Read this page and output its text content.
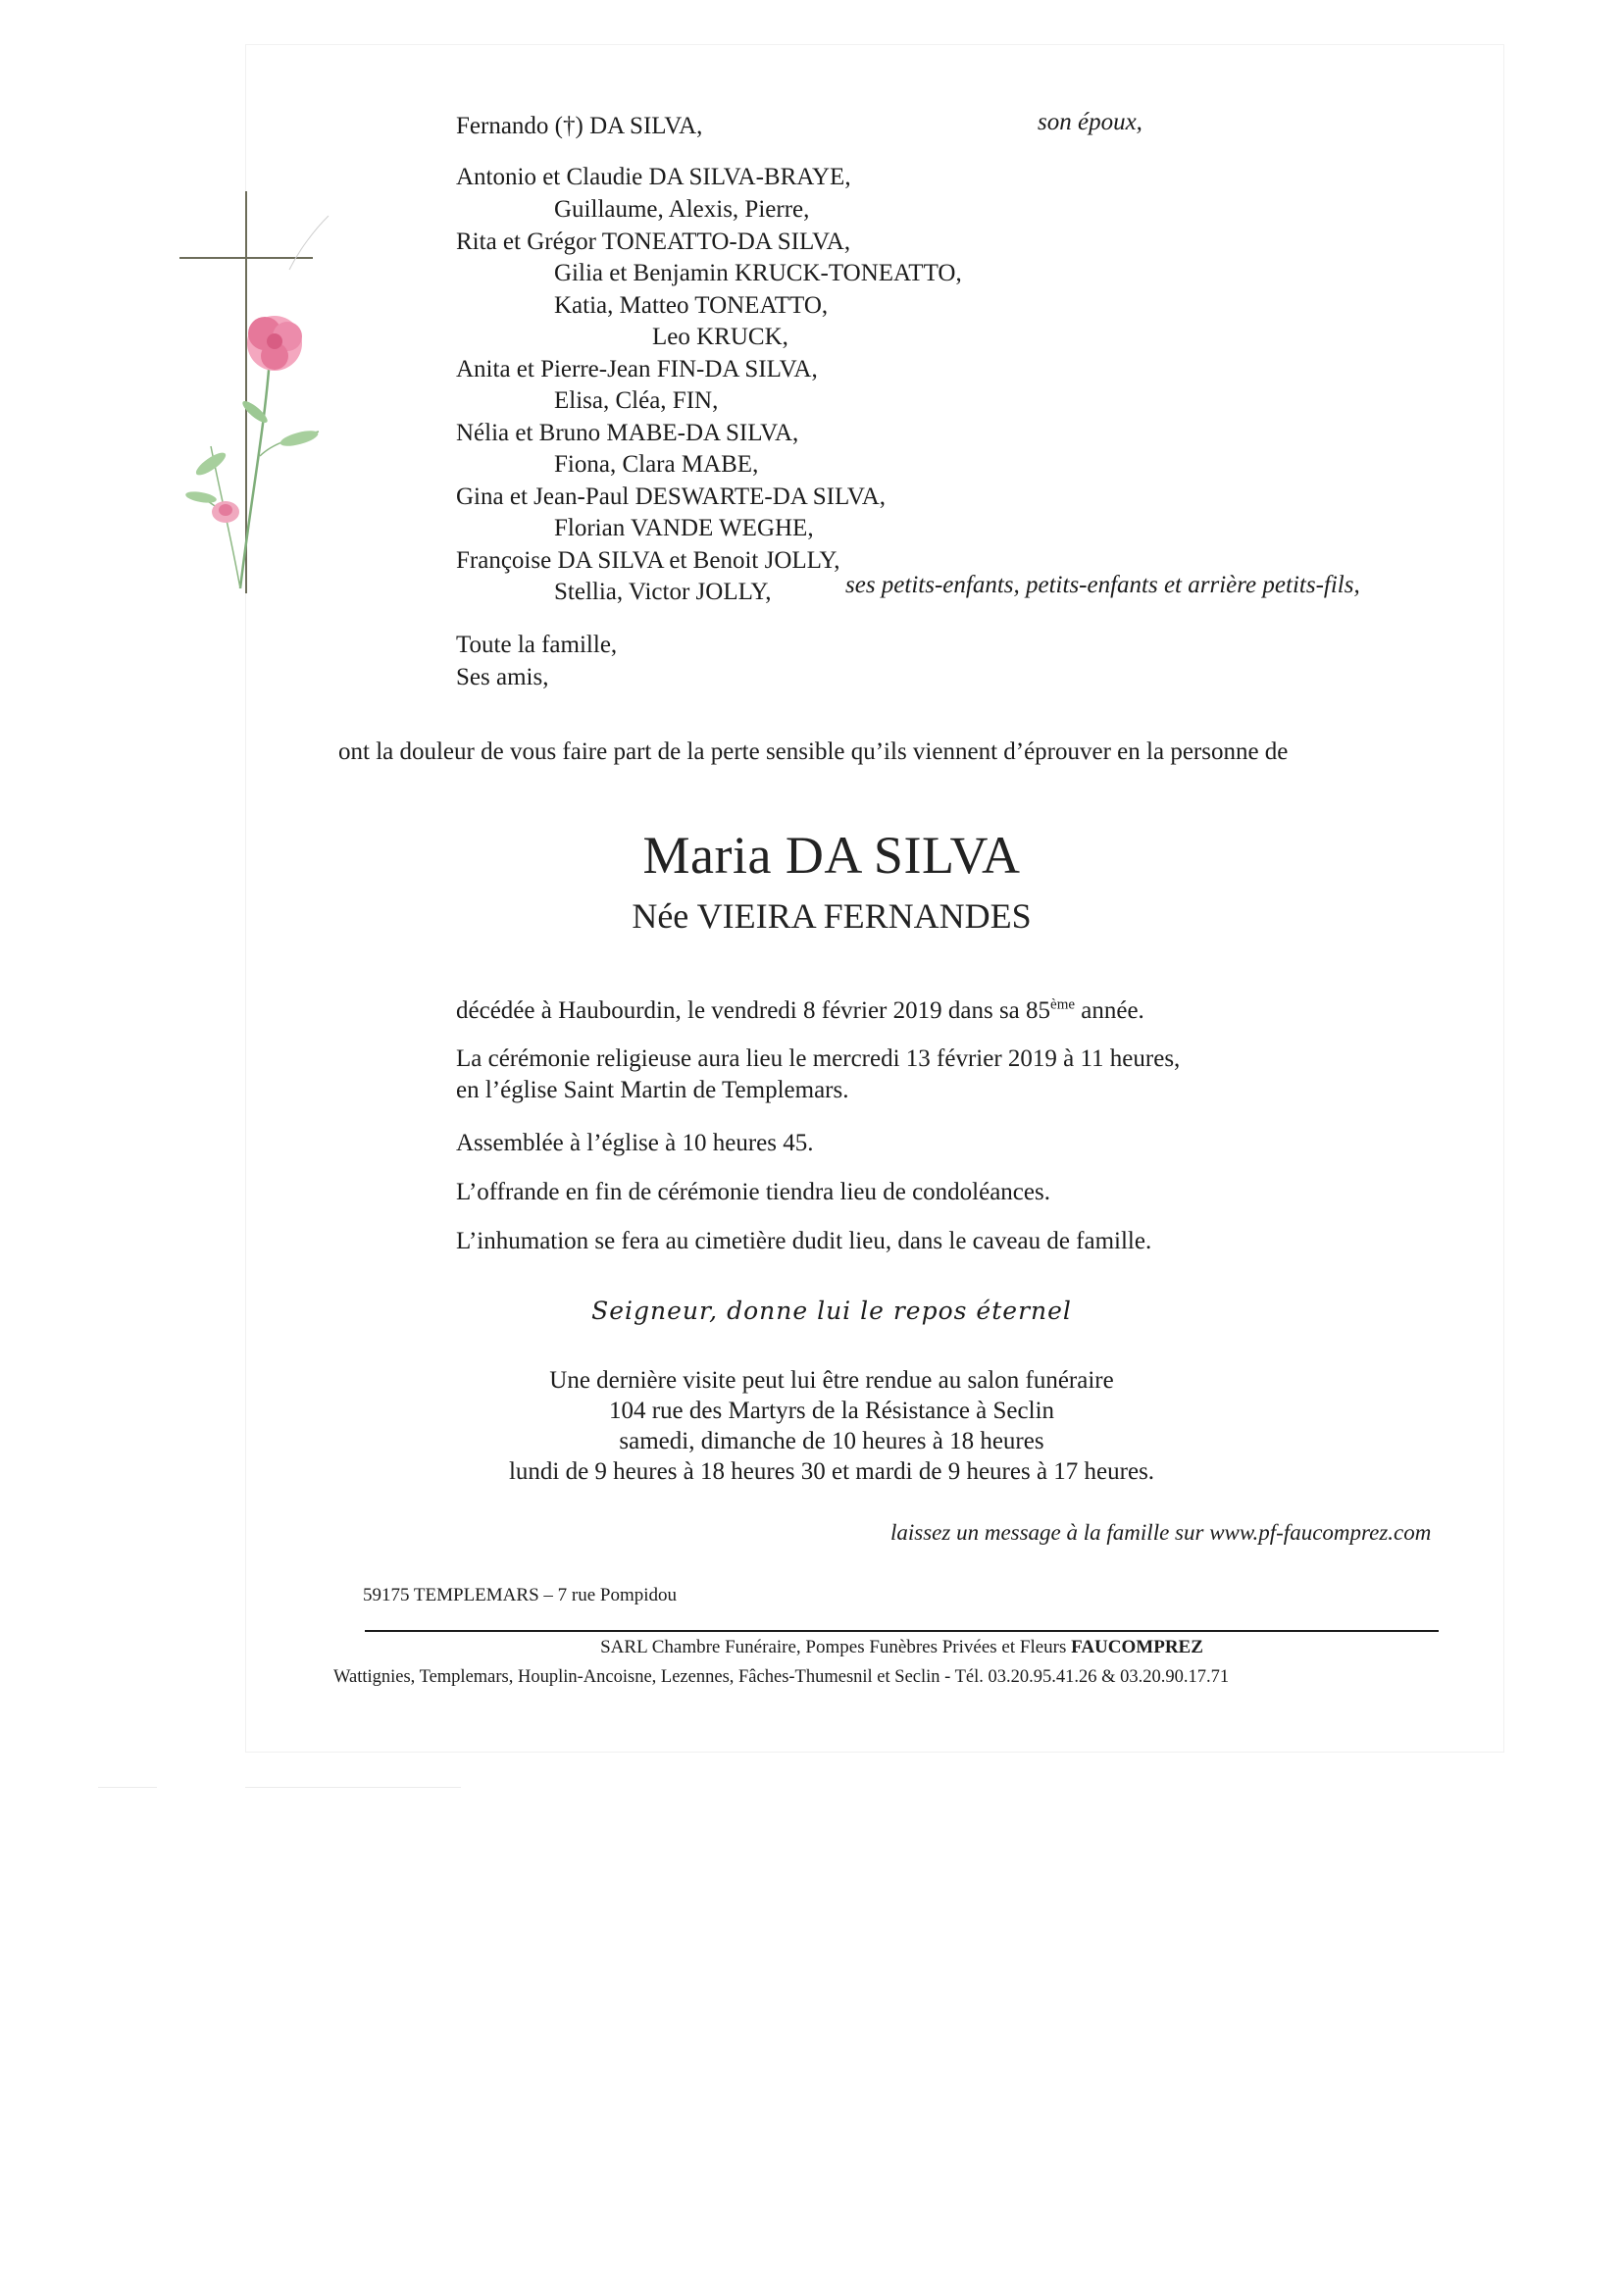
Fernando (†) DA SILVA,	son époux,
Antonio et Claudie DA SILVA-BRAYE,
Guillaume, Alexis, Pierre,
Rita et Grégor TONEATTO-DA SILVA,
Gilia et Benjamin KRUCK-TONEATTO,
Katia, Matteo TONEATTO,
Leo KRUCK,
Anita et Pierre-Jean FIN-DA SILVA,
Elisa, Cléa, FIN,
Nélia et Bruno MABE-DA SILVA,
Fiona, Clara MABE,
Gina et Jean-Paul DESWARTE-DA SILVA,
Florian VANDE WEGHE,
Françoise DA SILVA et Benoit JOLLY,
Stellia, Victor JOLLY,	ses petits-enfants, petits-enfants et arrière petits-fils,
Toute la famille,
Ses amis,
ont la douleur de vous faire part de la perte sensible qu’ils viennent d’éprouver en la personne de
Maria DA SILVA
Née VIEIRA FERNANDES
décédée à Haubourdin, le vendredi 8 février 2019 dans sa 85ème année.
La cérémonie religieuse aura lieu le mercredi 13 février 2019 à 11 heures,
en l’église Saint Martin de Templemars.
Assemblée à l’église à 10 heures 45.
L’offrande en fin de cérémonie tiendra lieu de condoléances.
L’inhumation se fera au cimetière dudit lieu, dans le caveau de famille.
Seigneur, donne lui le repos éternel
Une dernière visite peut lui être rendue au salon funéraire
104 rue des Martyrs de la Résistance à Seclin
samedi, dimanche de 10 heures à 18 heures
lundi de 9 heures à 18 heures 30 et mardi de 9 heures à 17 heures.
laissez un message à la famille sur www.pf-faucomprez.com
59175 TEMPLEMARS – 7 rue Pompidou
SARL Chambre Funéraire, Pompes Funèbres Privées et Fleurs FAUCOMPREZ
Wattignies, Templemars, Houplin-Ancoisne, Lezennes, Fâches-Thumesnil et Seclin - Tél. 03.20.95.41.26 & 03.20.90.17.71
